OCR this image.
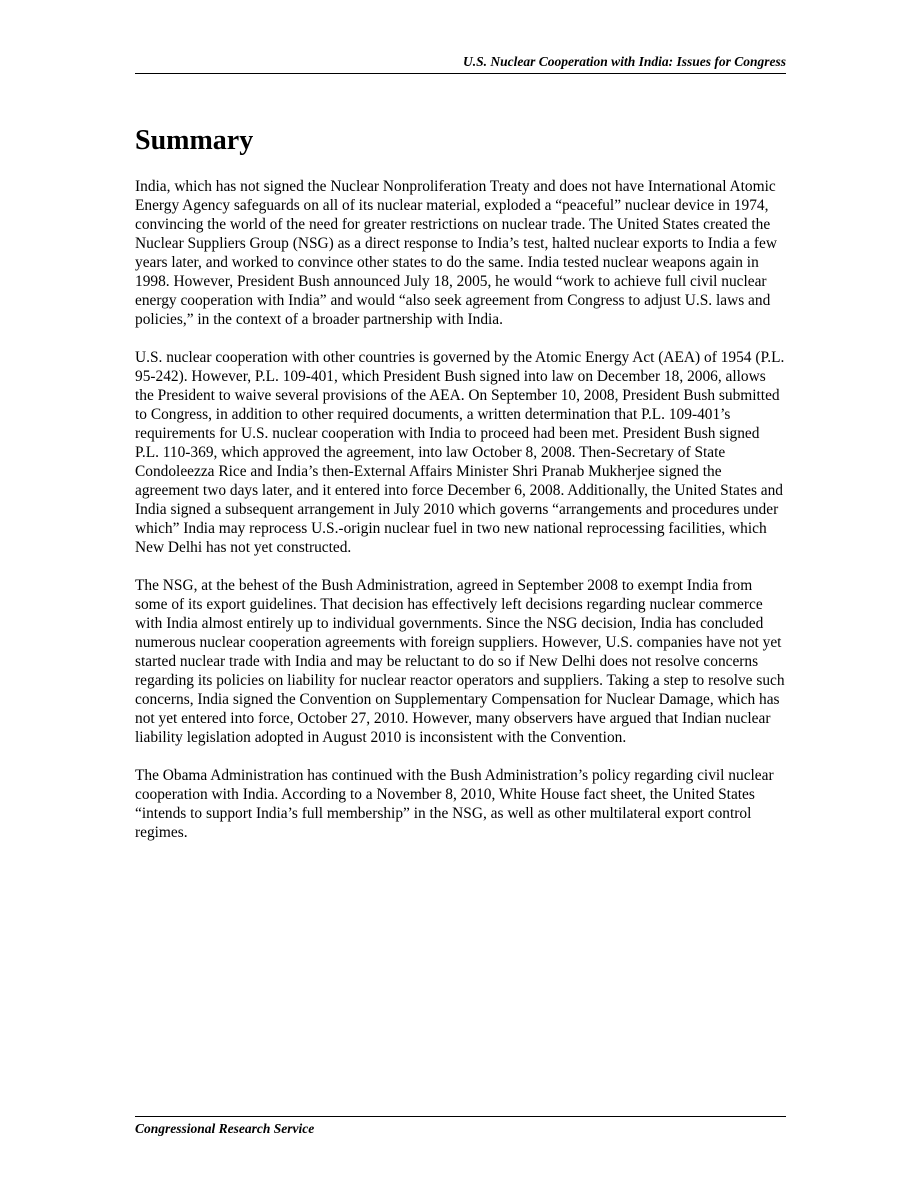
U.S. Nuclear Cooperation with India: Issues for Congress
Summary

India, which has not signed the Nuclear Nonproliferation Treaty and does not have International Atomic Energy Agency safeguards on all of its nuclear material, exploded a “peaceful” nuclear device in 1974, convincing the world of the need for greater restrictions on nuclear trade. The United States created the Nuclear Suppliers Group (NSG) as a direct response to India’s test, halted nuclear exports to India a few years later, and worked to convince other states to do the same. India tested nuclear weapons again in 1998. However, President Bush announced July 18, 2005, he would “work to achieve full civil nuclear energy cooperation with India” and would “also seek agreement from Congress to adjust U.S. laws and policies,” in the context of a broader partnership with India.

U.S. nuclear cooperation with other countries is governed by the Atomic Energy Act (AEA) of 1954 (P.L. 95-242). However, P.L. 109-401, which President Bush signed into law on December 18, 2006, allows the President to waive several provisions of the AEA. On September 10, 2008, President Bush submitted to Congress, in addition to other required documents, a written determination that P.L. 109-401’s requirements for U.S. nuclear cooperation with India to proceed had been met. President Bush signed P.L. 110-369, which approved the agreement, into law October 8, 2008. Then-Secretary of State Condoleezza Rice and India’s then-External Affairs Minister Shri Pranab Mukherjee signed the agreement two days later, and it entered into force December 6, 2008. Additionally, the United States and India signed a subsequent arrangement in July 2010 which governs “arrangements and procedures under which” India may reprocess U.S.-origin nuclear fuel in two new national reprocessing facilities, which New Delhi has not yet constructed.

The NSG, at the behest of the Bush Administration, agreed in September 2008 to exempt India from some of its export guidelines. That decision has effectively left decisions regarding nuclear commerce with India almost entirely up to individual governments. Since the NSG decision, India has concluded numerous nuclear cooperation agreements with foreign suppliers. However, U.S. companies have not yet started nuclear trade with India and may be reluctant to do so if New Delhi does not resolve concerns regarding its policies on liability for nuclear reactor operators and suppliers. Taking a step to resolve such concerns, India signed the Convention on Supplementary Compensation for Nuclear Damage, which has not yet entered into force, October 27, 2010. However, many observers have argued that Indian nuclear liability legislation adopted in August 2010 is inconsistent with the Convention.

The Obama Administration has continued with the Bush Administration’s policy regarding civil nuclear cooperation with India. According to a November 8, 2010, White House fact sheet, the United States “intends to support India’s full membership” in the NSG, as well as other multilateral export control regimes.

Congressional Research Service
